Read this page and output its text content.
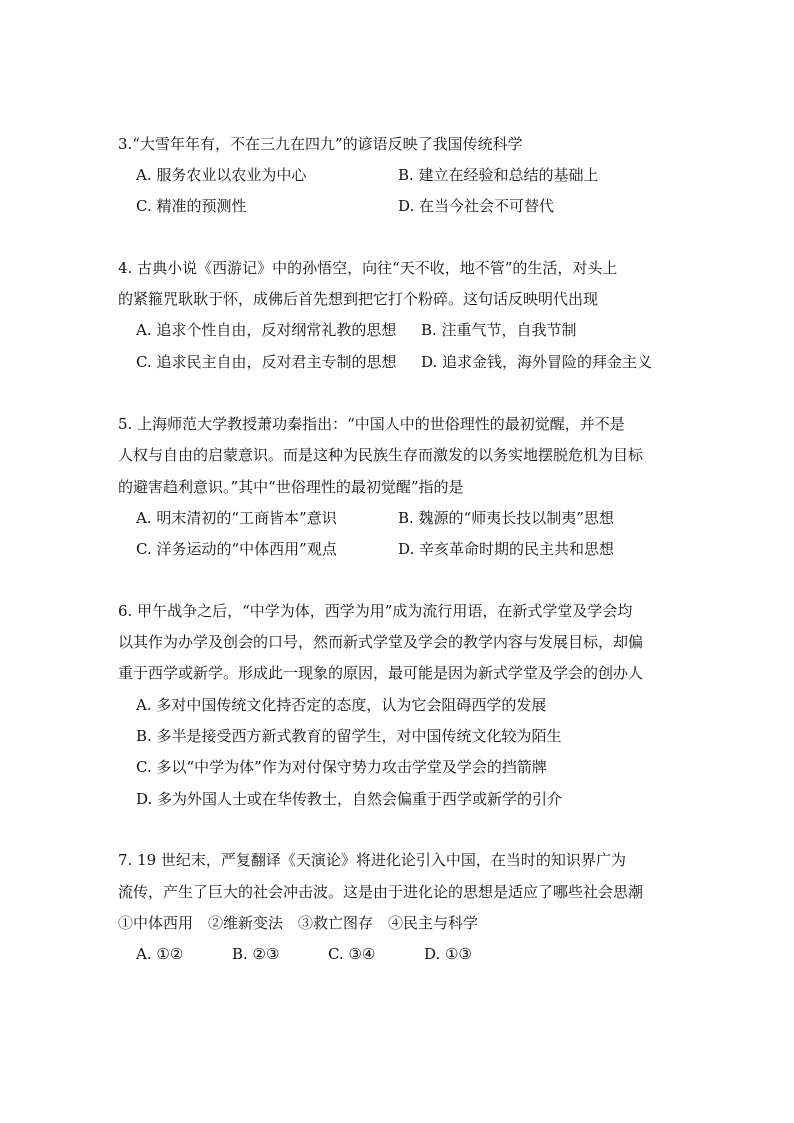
3.“大雪年年有，不在三九在四九”的谚语反映了我国传统科学
A. 服务农业以农业为中心	B. 建立在经验和总结的基础上
C. 精准的预测性	D. 在当今社会不可替代
4. 古典小说《西游记》中的孙悟空，向往“天不收，地不管”的生活，对头上
的紧箍咒耿耿于怀，成佛后首先想到把它打个粉碎。这句话反映明代出现
A. 追求个性自由，反对纲常礼教的思想 B. 注重气节，自我节制
C. 追求民主自由，反对君主专制的思想 D. 追求金钱，海外冒险的拜金主义
5. 上海师范大学教授萧功秦指出：“中国人中的世俗理性的最初觉醒，并不是
人权与自由的启蒙意识。而是这种为民族生存而激发的以务实地摆脱危机为目标
的避害趋利意识。”其中“世俗理性的最初觉醒”指的是
A. 明末清初的“工商皆本”意识	B. 魏源的“师夷长技以制夷”思想
C. 洋务运动的“中体西用”观点	D. 辛亥革命时期的民主共和思想
6. 甲午战争之后，“中学为体，西学为用”成为流行用语，在新式学堂及学会均
以其作为办学及创会的口号，然而新式学堂及学会的教学内容与发展目标，却偏
重于西学或新学。形成此一现象的原因，最可能是因为新式学堂及学会的创办人
A. 多对中国传统文化持否定的态度，认为它会阻碍西学的发展
B. 多半是接受西方新式教育的留学生，对中国传统文化较为陌生
C. 多以“中学为体”作为对付保守势力攻击学堂及学会的挡箭牌
D. 多为外国人士或在华传教士，自然会偏重于西学或新学的引介
7. 19 世纪末，严复翻译《天演论》将进化论引入中国，在当时的知识界广为
流传，产生了巨大的社会冲击波。这是由于进化论的思想是适应了哪些社会思潮
①中体西用　②维新变法　③救亡图存　④民主与科学
A. ①②	B. ②③	C. ③④	D. ①③
